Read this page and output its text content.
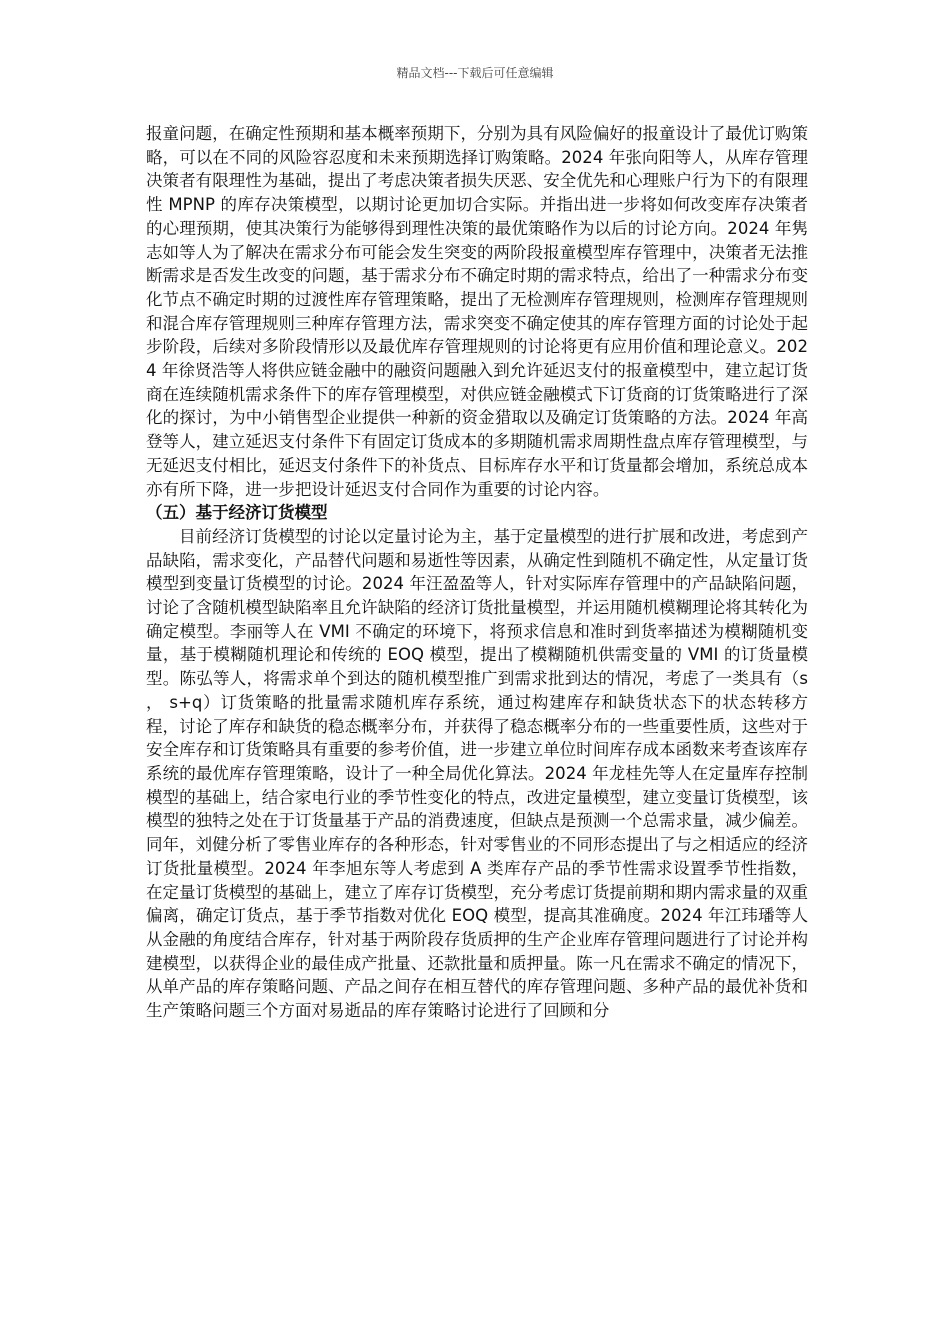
精品文档---下载后可任意编辑

报童问题，在确定性预期和基本概率预期下，分别为具有风险偏好的报童设计了最优订购策略，可以在不同的风险容忍度和未来预期选择订购策略。2024 年张向阳等人，从库存管理决策者有限理性为基础，提出了考虑决策者损失厌恶、安全优先和心理账户行为下的有限理性 MPNP 的库存决策模型，以期讨论更加切合实际。并指出进一步将如何改变库存决策者的心理预期，使其决策行为能够得到理性决策的最优策略作为以后的讨论方向。2024 年隽志如等人为了解决在需求分布可能会发生突变的两阶段报童模型库存管理中，决策者无法推断需求是否发生改变的问题，基于需求分布不确定时期的需求特点，给出了一种需求分布变化节点不确定时期的过渡性库存管理策略，提出了无检测库存管理规则，检测库存管理规则和混合库存管理规则三种库存管理方法，需求突变不确定使其的库存管理方面的讨论处于起步阶段，后续对多阶段情形以及最优库存管理规则的讨论将更有应用价值和理论意义。2024 年徐贤浩等人将供应链金融中的融资问题融入到允许延迟支付的报童模型中，建立起订货商在连续随机需求条件下的库存管理模型，对供应链金融模式下订货商的订货策略进行了深化的探讨，为中小销售型企业提供一种新的资金猎取以及确定订货策略的方法。2024 年高登等人，建立延迟支付条件下有固定订货成本的多期随机需求周期性盘点库存管理模型，与无延迟支付相比，延迟支付条件下的补货点、目标库存水平和订货量都会增加，系统总成本亦有所下降，进一步把设计延迟支付合同作为重要的讨论内容。

（五）基于经济订货模型

目前经济订货模型的讨论以定量讨论为主，基于定量模型的进行扩展和改进，考虑到产品缺陷，需求变化，产品替代问题和易逝性等因素，从确定性到随机不确定性，从定量订货模型到变量订货模型的讨论。2024 年汪盈盈等人，针对实际库存管理中的产品缺陷问题，讨论了含随机模型缺陷率且允许缺陷的经济订货批量模型，并运用随机模糊理论将其转化为确定模型。李丽等人在 VMI 不确定的环境下，将预求信息和准时到货率描述为模糊随机变量，基于模糊随机理论和传统的 EOQ 模型，提出了模糊随机供需变量的 VMI 的订货量模型。陈弘等人，将需求单个到达的随机模型推广到需求批到达的情况，考虑了一类具有（s ， s+q）订货策略的批量需求随机库存系统，通过构建库存和缺货状态下的状态转移方程，讨论了库存和缺货的稳态概率分布，并获得了稳态概率分布的一些重要性质，这些对于安全库存和订货策略具有重要的参考价值，进一步建立单位时间库存成本函数来考查该库存系统的最优库存管理策略，设计了一种全局优化算法。2024 年龙桂先等人在定量库存控制模型的基础上，结合家电行业的季节性变化的特点，改进定量模型，建立变量订货模型，该模型的独特之处在于订货量基于产品的消费速度，但缺点是预测一个总需求量，减少偏差。同年，刘健分析了零售业库存的各种形态，针对零售业的不同形态提出了与之相适应的经济订货批量模型。2024 年李旭东等人考虑到 A 类库存产品的季节性需求设置季节性指数，在定量订货模型的基础上，建立了库存订货模型，充分考虑订货提前期和期内需求量的双重偏离，确定订货点，基于季节指数对优化 EOQ 模型，提高其准确度。2024 年江玮璠等人从金融的角度结合库存，针对基于两阶段存货质押的生产企业库存管理问题进行了讨论并构建模型，以获得企业的最佳成产批量、还款批量和质押量。陈一凡在需求不确定的情况下，从单产品的库存策略问题、产品之间存在相互替代的库存管理问题、多种产品的最优补货和生产策略问题三个方面对易逝品的库存策略讨论进行了回顾和分
